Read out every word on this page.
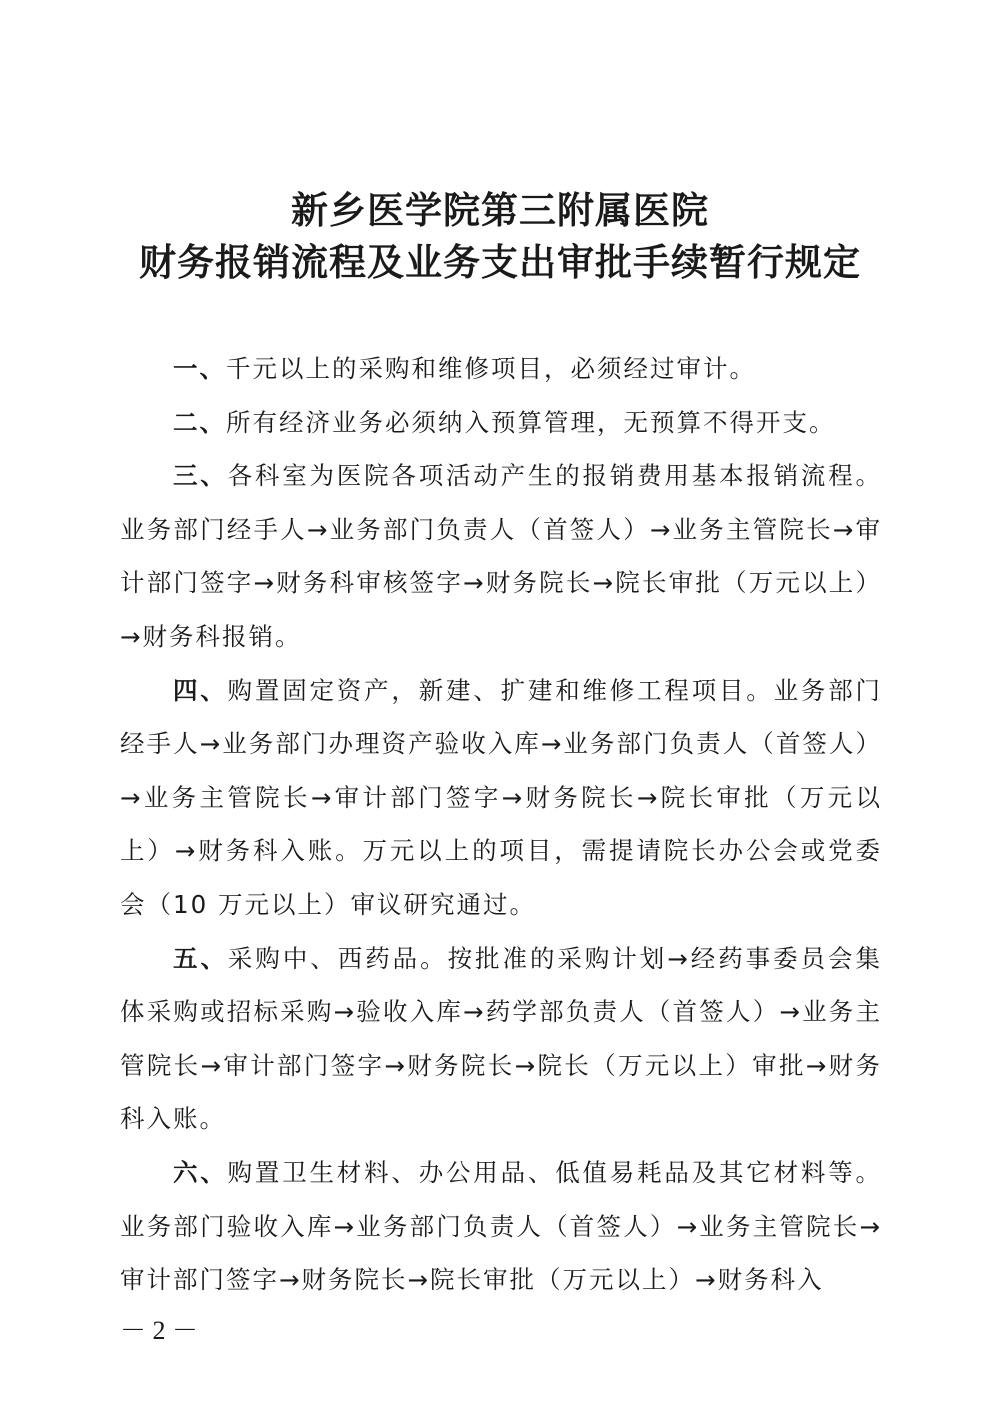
新乡医学院第三附属医院
财务报销流程及业务支出审批手续暂行规定

一、千元以上的采购和维修项目，必须经过审计。

二、所有经济业务必须纳入预算管理，无预算不得开支。

三、各科室为医院各项活动产生的报销费用基本报销流程。业务部门经手人→业务部门负责人（首签人）→业务主管院长→审计部门签字→财务科审核签字→财务院长→院长审批（万元以上）→财务科报销。

四、购置固定资产，新建、扩建和维修工程项目。业务部门经手人→业务部门办理资产验收入库→业务部门负责人（首签人）→业务主管院长→审计部门签字→财务院长→院长审批（万元以上）→财务科入账。万元以上的项目，需提请院长办公会或党委会（10 万元以上）审议研究通过。

五、采购中、西药品。按批准的采购计划→经药事委员会集体采购或招标采购→验收入库→药学部负责人（首签人）→业务主管院长→审计部门签字→财务院长→院长（万元以上）审批→财务科入账。

六、购置卫生材料、办公用品、低值易耗品及其它材料等。业务部门验收入库→业务部门负责人（首签人）→业务主管院长→审计部门签字→财务院长→院长审批（万元以上）→财务科入

－ 2 －
